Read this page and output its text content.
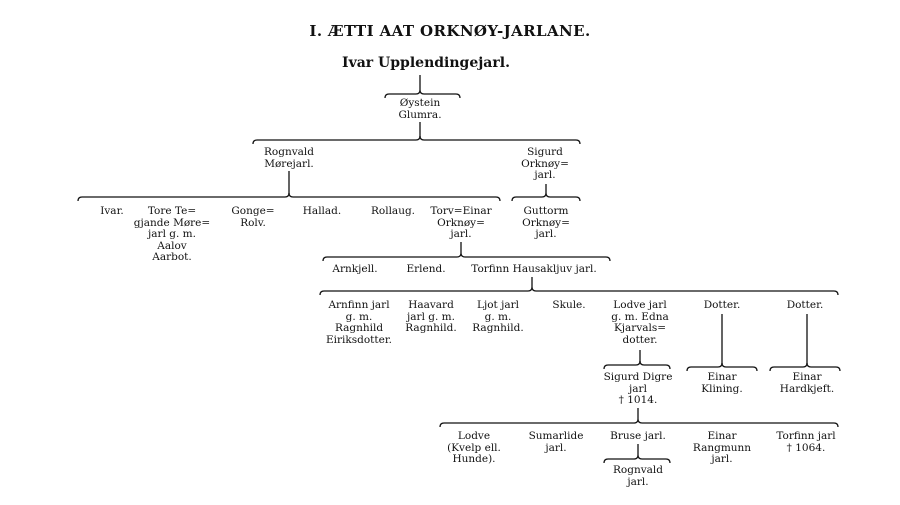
I. ÆTTI AAT ORKNØY-JARLANE.
Ivar Upplendingejarl.
Øystein
Glumra.
Rognvald
Mørejarl.
Sigurd
Orknøy=
jarl.
Ivar.	Tore Te=
gjande Møre=
jarl g. m.
Aalov
Aarbot.
Gonge=
Rolv.
Hallad.	Rollaug. Torv=Einar
Orknøy=
jarl.
Guttorm
Orknøy=
jarl.
Arnkjell.	Erlend. Torfinn Hausakljuv jarl.
Arnfinn jarl
g. m.
Ragnhild
Eiriksdotter.
Haavard
jarl g. m.
Ragnhild.
Ljot jarl
g. m.
Ragnhild.
Skule.	Lodve jarl
g. m. Edna
Kjarvals=
dotter.
Dotter.	Dotter.
Sigurd Digre
jarl
† 1014.
Einar
Klining.
Einar
Hardkjeft.
Lodve
(Kvelp ell.
Hunde).
Sumarlide
jarl.
Bruse jarl.	Einar
Rangmunn
jarl.
Torfinn jarl
† 1064.
Rognvald
jarl.
